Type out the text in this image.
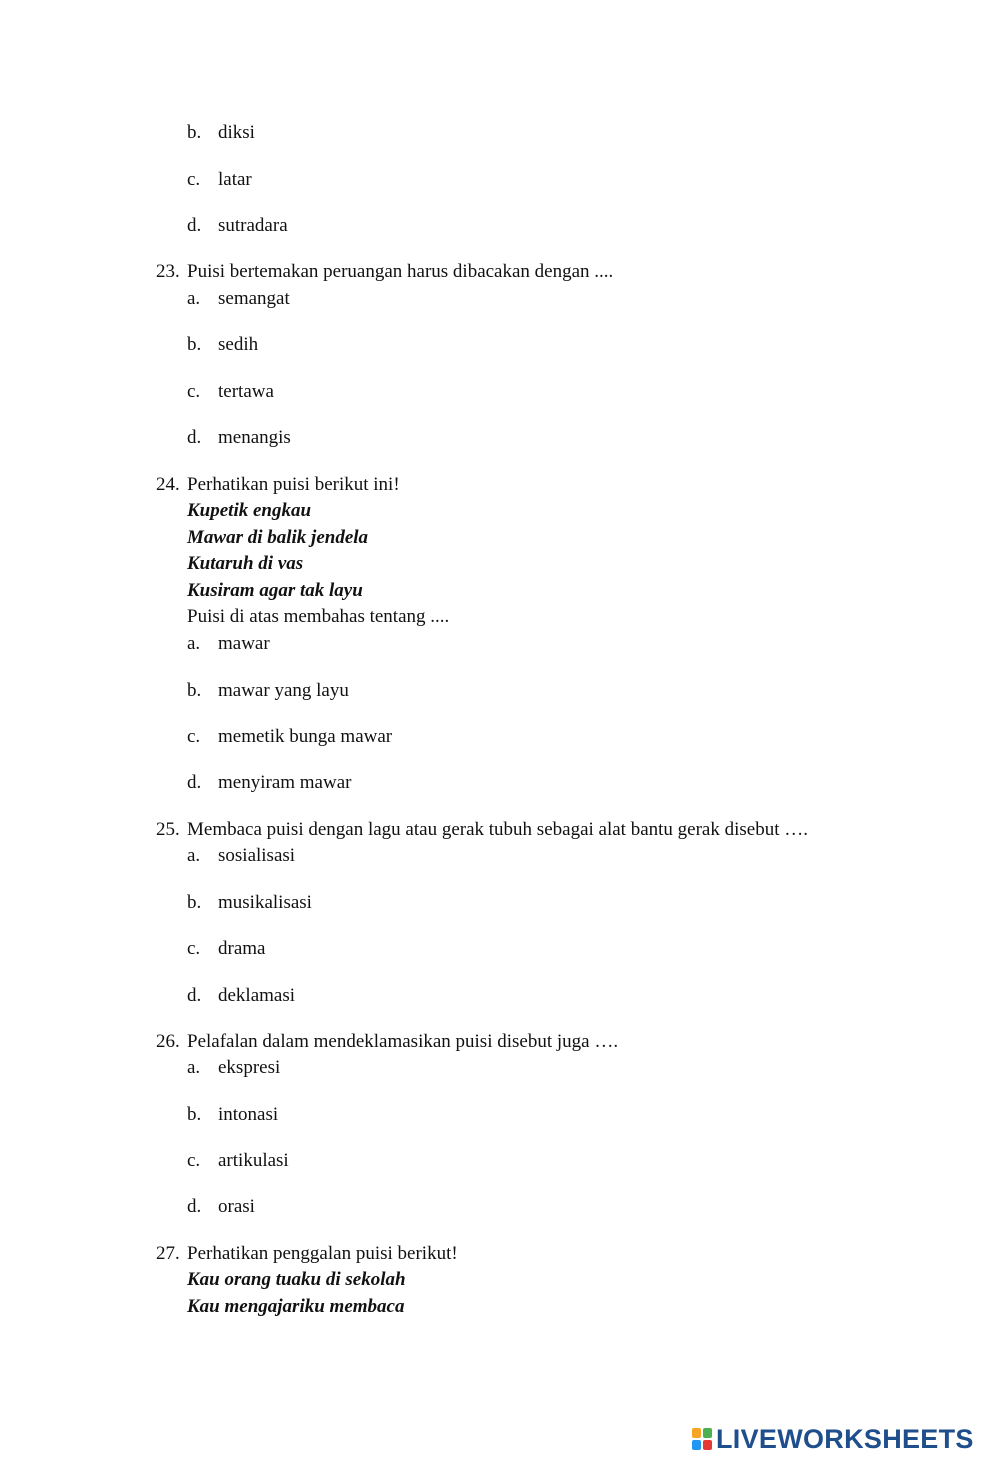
b. diksi
c. latar
d. sutradara
23. Puisi bertemakan peruangan harus dibacakan dengan ....
a. semangat
b. sedih
c. tertawa
d. menangis
24. Perhatikan puisi berikut ini!
Kupetik engkau
Mawar di balik jendela
Kutaruh di vas
Kusiram agar tak layu
Puisi di atas membahas tentang ....
a. mawar
b. mawar yang layu
c. memetik bunga mawar
d. menyiram mawar
25. Membaca puisi dengan lagu atau gerak tubuh sebagai alat bantu gerak disebut ….
a. sosialisasi
b. musikalisasi
c. drama
d. deklamasi
26. Pelafalan dalam mendeklamasikan puisi disebut juga ….
a. ekspresi
b. intonasi
c. artikulasi
d. orasi
27. Perhatikan penggalan puisi berikut!
Kau orang tuaku di sekolah
Kau mengajariku membaca
LIVEWORKSHEETS
